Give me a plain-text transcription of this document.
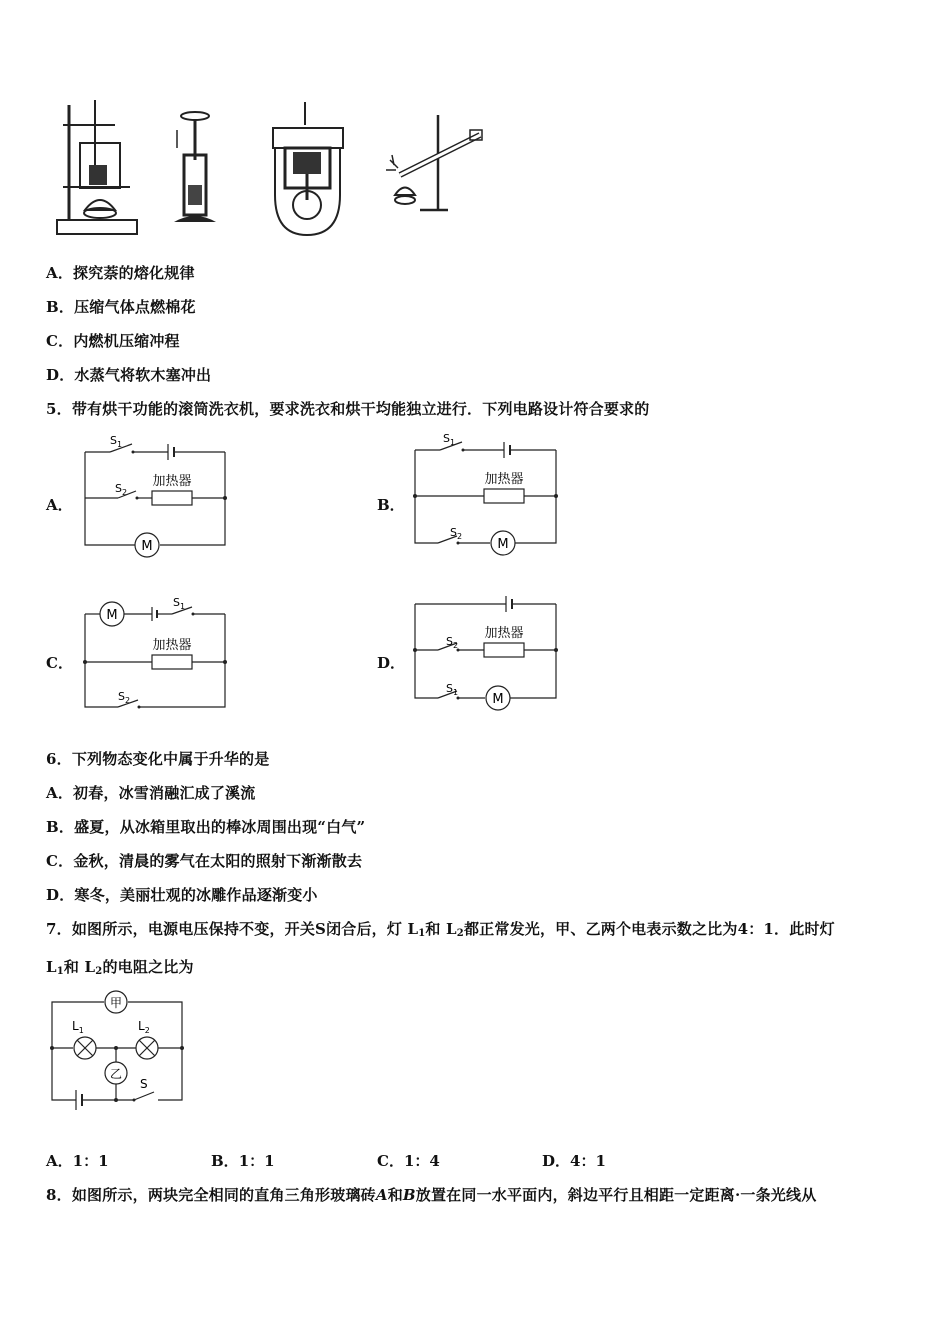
A．探究萘的熔化规律
B．压缩气体点燃棉花
C．内燃机压缩冲程
D．水蒸气将软木塞冲出
5．带有烘干功能的滚筒洗衣机，要求洗衣和烘干均能独立进行．下列电路设计符合要求的
A．
M
加热器
$S_1$
$S_2$
B．
M
加热器
$S_1$
$S_2$
C．
M
加热器
$S_1$
$S_2$
D．
M
加热器
$S_2$
$S_1$
6．下列物态变化中属于升华的是
A．初春，冰雪消融汇成了溪流
B．盛夏，从冰箱里取出的棒冰周围出现“白气”
C．金秋，清晨的雾气在太阳的照射下渐渐散去
D．寒冬，美丽壮观的冰雕作品逐渐变小
7．如图所示，电源电压保持不变，开关S闭合后，灯 $L_1$和 $L_2$都正常发光，甲、乙两个电表示数之比为4：1．此时灯
$L_1$和 $L_2$的电阻之比为
甲
乙
$L_1$	$L_2$
S
A．1：1	B．1：1	C．1：4	D．4：1
8．如图所示，两块完全相同的直角三角形玻璃砖A和B放置在同一水平面内，斜边平行且相距一定距离·一条光线从
